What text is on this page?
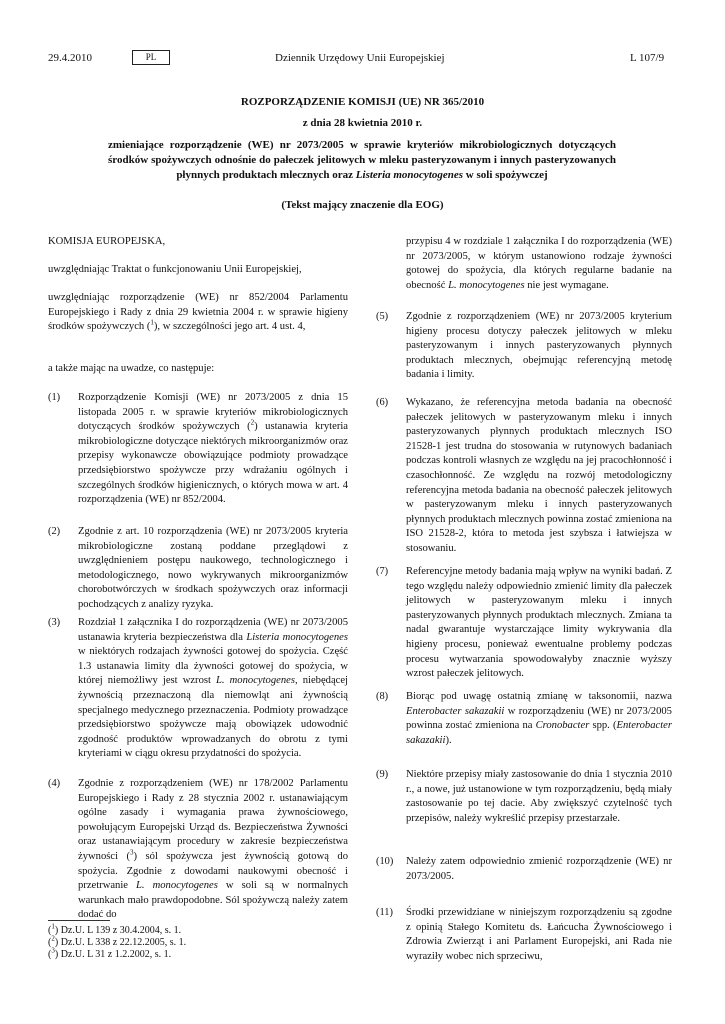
29.4.2010	PL	Dziennik Urzędowy Unii Europejskiej	L 107/9
ROZPORZĄDZENIE KOMISJI (UE) NR 365/2010
z dnia 28 kwietnia 2010 r.
zmieniające rozporządzenie (WE) nr 2073/2005 w sprawie kryteriów mikrobiologicznych dotyczących środków spożywczych odnośnie do pałeczek jelitowych w mleku pasteryzowanym i innych pasteryzowanych płynnych produktach mlecznych oraz Listeria monocytogenes w soli spożywczej
(Tekst mający znaczenie dla EOG)
KOMISJA EUROPEJSKA,
uwzględniając Traktat o funkcjonowaniu Unii Europejskiej,
uwzględniając rozporządzenie (WE) nr 852/2004 Parlamentu Europejskiego i Rady z dnia 29 kwietnia 2004 r. w sprawie higieny środków spożywczych ($^1$), w szczególności jego art. 4 ust. 4,
a także mając na uwadze, co następuje:
(1) Rozporządzenie Komisji (WE) nr 2073/2005 z dnia 15 listopada 2005 r. w sprawie kryteriów mikrobiologicznych dotyczących środków spożywczych ($^2$) ustanawia kryteria mikrobiologiczne dotyczące niektórych mikroorganizmów oraz przepisy wykonawcze obowiązujące podmioty prowadzące przedsiębiorstwo spożywcze przy wdrażaniu ogólnych i szczególnych środków higienicznych, o których mowa w art. 4 rozporządzenia (WE) nr 852/2004.
(2) Zgodnie z art. 10 rozporządzenia (WE) nr 2073/2005 kryteria mikrobiologiczne zostaną poddane przeglądowi z uwzględnieniem postępu naukowego, technologicznego i metodologicznego, nowo wykrywanych mikroorganizmów chorobotwórczych w środkach spożywczych oraz informacji pochodzących z analizy ryzyka.
(3) Rozdział 1 załącznika I do rozporządzenia (WE) nr 2073/2005 ustanawia kryteria bezpieczeństwa dla Listeria monocytogenes w niektórych rodzajach żywności gotowej do spożycia. Część 1.3 ustanawia limity dla żywności gotowej do spożycia, w której niemożliwy jest wzrost L. monocytogenes, niebędącej żywnością przeznaczoną dla niemowląt ani żywnością specjalnego medycznego przeznaczenia. Podmioty prowadzące przedsiębiorstwo spożywcze mają obowiązek udowodnić zgodność produktów wprowadzanych do obrotu z tymi kryteriami w ciągu okresu przydatności do spożycia.
(4) Zgodnie z rozporządzeniem (WE) nr 178/2002 Parlamentu Europejskiego i Rady z 28 stycznia 2002 r. ustanawiającym ogólne zasady i wymagania prawa żywnościowego, powołującym Europejski Urząd ds. Bezpieczeństwa Żywności oraz ustanawiającym procedury w zakresie bezpieczeństwa żywności ($^3$) sól spożywcza jest żywnością gotową do spożycia. Zgodnie z dowodami naukowymi obecność i przetrwanie L. monocytogenes w soli są w normalnych warunkach mało prawdopodobne. Sól spożywczą należy zatem dodać do
przypisu 4 w rozdziale 1 załącznika I do rozporządzenia (WE) nr 2073/2005, w którym ustanowiono rodzaje żywności gotowej do spożycia, dla których regularne badanie na obecność L. monocytogenes nie jest wymagane.
($^1$) Dz.U. L 139 z 30.4.2004, s. 1.
($^2$) Dz.U. L 338 z 22.12.2005, s. 1.
($^3$) Dz.U. L 31 z 1.2.2002, s. 1.
(5) Zgodnie z rozporządzeniem (WE) nr 2073/2005 kryterium higieny procesu dotyczy pałeczek jelitowych w mleku pasteryzowanym i innych pasteryzowanych płynnych produktach mlecznych, obejmując referencyjną metodę badania i limity.
(6) Wykazano, że referencyjna metoda badania na obecność pałeczek jelitowych w pasteryzowanym mleku i innych pasteryzowanych płynnych produktach mlecznych ISO 21528-1 jest trudna do stosowania w rutynowych badaniach podczas kontroli własnych ze względu na jej pracochłonność i czasochłonność. Ze względu na rozwój metodologiczny referencyjna metoda badania na obecność pałeczek jelitowych w pasteryzowanym mleku i innych pasteryzowanych płynnych produktach mlecznych powinna zostać zmieniona na ISO 21528-2, która to metoda jest szybsza i łatwiejsza w stosowaniu.
(7) Referencyjne metody badania mają wpływ na wyniki badań. Z tego względu należy odpowiednio zmienić limity dla pałeczek jelitowych w pasteryzowanym mleku i innych pasteryzowanych płynnych produktach mlecznych. Zmiana ta nadal gwarantuje wystarczające limity wykrywania dla higieny procesu, ponieważ ewentualne problemy podczas procesu wytwarzania spowodowałyby znacznie wyższy wzrost pałeczek jelitowych.
(8) Biorąc pod uwagę ostatnią zmianę w taksonomii, nazwa Enterobacter sakazakii w rozporządzeniu (WE) nr 2073/2005 powinna zostać zmieniona na Cronobacter spp. (Enterobacter sakazakii).
(9) Niektóre przepisy miały zastosowanie do dnia 1 stycznia 2010 r., a nowe, już ustanowione w tym rozporządzeniu, będą miały zastosowanie po tej dacie. Aby zwiększyć czytelność tych przepisów, należy wykreślić przepisy przestarzałe.
(10) Należy zatem odpowiednio zmienić rozporządzenie (WE) nr 2073/2005.
(11) Środki przewidziane w niniejszym rozporządzeniu są zgodne z opinią Stałego Komitetu ds. Łańcucha Żywnościowego i Zdrowia Zwierząt i ani Parlament Europejski, ani Rada nie wyraziły wobec nich sprzeciwu,
